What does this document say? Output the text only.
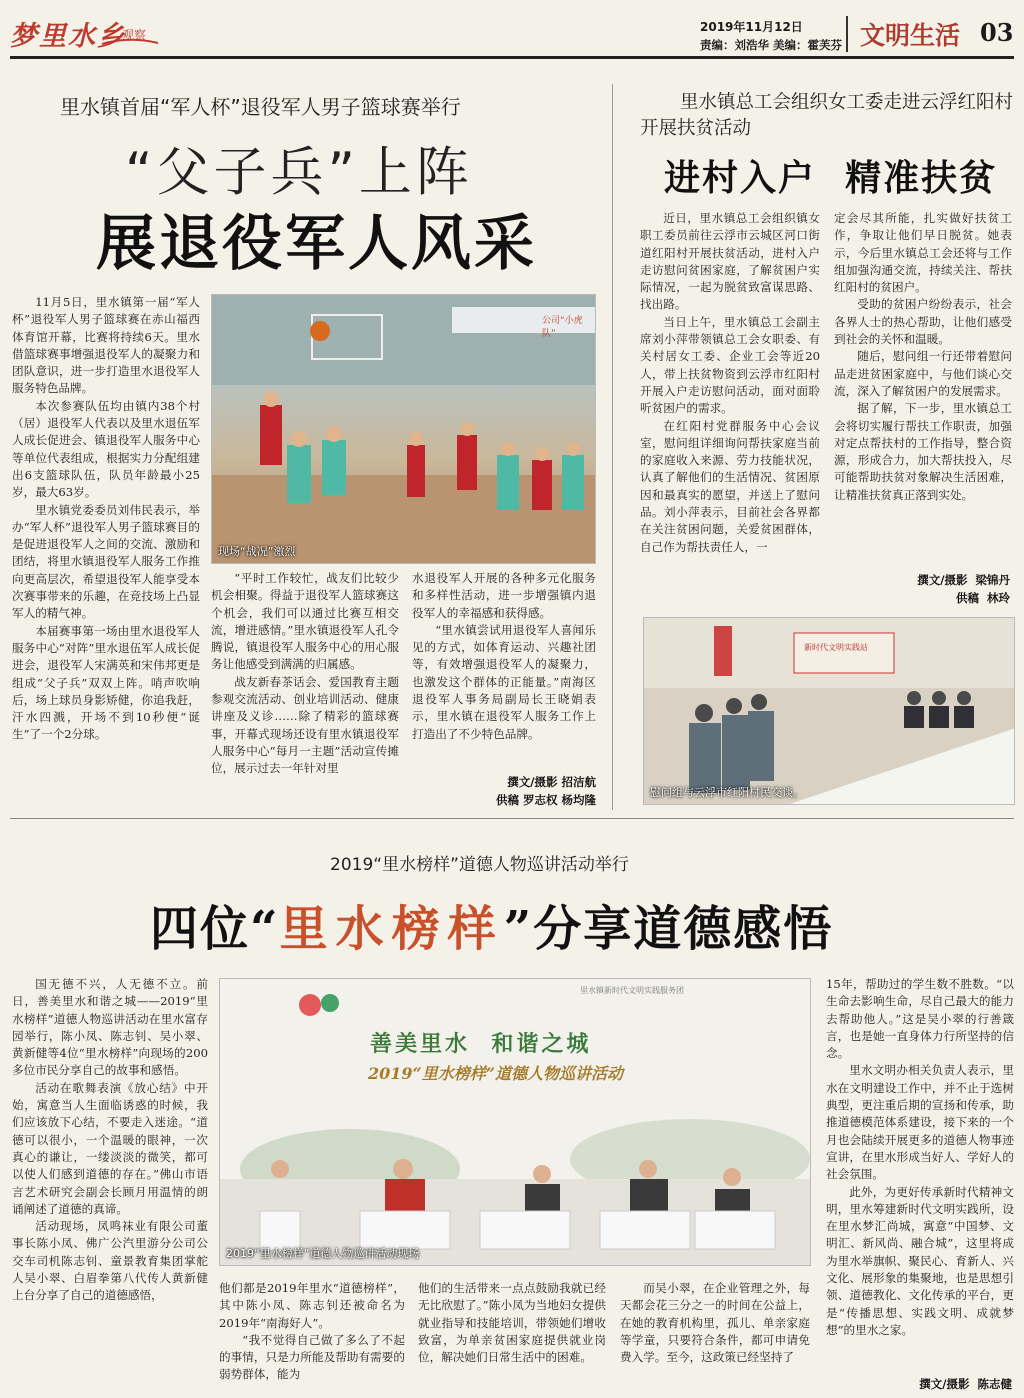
梦里水乡
观察
2019年11月12日
责编：刘浩华 美编：霍芙芬 文明生活 03
里水镇首届“军人杯”退役军人男子篮球赛举行
“父子兵”上阵
展退役军人风采

11月5日，里水镇第一届“军人杯”退役军人男子篮球赛在赤山福西体育馆开幕，比赛将持续6天。里水借篮球赛事增强退役军人的凝聚力和团队意识，进一步打造里水退役军人服务特色品牌。

本次参赛队伍均由镇内38个村（居）退役军人代表以及里水退伍军人成长促进会、镇退役军人服务中心等单位代表组成，根据实力分配组建出6支篮球队伍，队员年龄最小25岁，最大63岁。

里水镇党委委员刘伟民表示，举办“军人杯”退役军人男子篮球赛目的是促进退役军人之间的交流、激励和团结，将里水镇退役军人服务工作推向更高层次，希望退役军人能享受本次赛事带来的乐趣，在竞技场上凸显军人的精气神。

本届赛事第一场由里水退役军人服务中心“对阵”里水退伍军人成长促进会，退役军人宋满英和宋伟邦更是组成“父子兵”双双上阵。哨声吹响后，场上球员身影矫健，你追我赶，汗水四溅，开场不到10秒便“诞生”了一个2分球。

公司“小虎队”
现场“战况”激烈

“平时工作较忙，战友们比较少机会相聚。得益于退役军人篮球赛这个机会，我们可以通过比赛互相交流，增进感情。”里水镇退役军人孔令腾说，镇退役军人服务中心的用心服务让他感受到满满的归属感。

战友新春茶话会、爱国教育主题参观交流活动、创业培训活动、健康讲座及义诊……除了精彩的篮球赛事，开幕式现场还设有里水镇退役军人服务中心“每月一主题”活动宣传摊位，展示过去一年针对里

水退役军人开展的各种多元化服务和多样性活动，进一步增强镇内退役军人的幸福感和获得感。

“里水镇尝试用退役军人喜闻乐见的方式，如体育运动、兴趣社团等，有效增强退役军人的凝聚力，也激发这个群体的正能量。”南海区退役军人事务局副局长王晓娟表示，里水镇在退役军人服务工作上打造出了不少特色品牌。

撰文/摄影 招洁航
供稿 罗志权 杨均隆
里水镇总工会组织女工委走进云浮红阳村开展扶贫活动
进村入户  精准扶贫

近日，里水镇总工会组织镇女职工委员前往云浮市云城区河口街道红阳村开展扶贫活动，进村入户走访慰问贫困家庭，了解贫困户实际情况，一起为脱贫致富谋思路、找出路。

当日上午，里水镇总工会副主席刘小萍带领镇总工会女职委、有关村居女工委、企业工会等近20人，带上扶贫物资到云浮市红阳村开展入户走访慰问活动，面对面聆听贫困户的需求。

在红阳村党群服务中心会议室，慰问组详细询问帮扶家庭当前的家庭收入来源、劳力技能状况，认真了解他们的生活情况、贫困原因和最真实的愿望，并送上了慰问品。刘小萍表示，目前社会各界都在关注贫困问题，关爱贫困群体，自己作为帮扶责任人，一

定会尽其所能，扎实做好扶贫工作，争取让他们早日脱贫。她表示，今后里水镇总工会还将与工作组加强沟通交流，持续关注、帮扶红阳村的贫困户。

受助的贫困户纷纷表示，社会各界人士的热心帮助，让他们感受到社会的关怀和温暖。

随后，慰问组一行还带着慰问品走进贫困家庭中，与他们谈心交流，深入了解贫困户的发展需求。

据了解，下一步，里水镇总工会将切实履行帮扶工作职责，加强对定点帮扶村的工作指导，整合资源，形成合力，加大帮扶投入，尽可能帮助扶贫对象解决生活困难，让精准扶贫真正落到实处。

撰文/摄影  梁锦丹
供稿  林玲
新时代文明实践站
慰问组与云浮市红阳村民交谈。
2019“里水榜样”道德人物巡讲活动举行
四位“里水榜样”分享道德感悟

国无德不兴，人无德不立。前日，善美里水和谐之城——2019“里水榜样”道德人物巡讲活动在里水富存园举行，陈小凤、陈志钊、吴小翠、黄新健等4位“里水榜样”向现场的200多位市民分享自己的故事和感悟。

活动在歌舞表演《放心结》中开始，寓意当人生面临诱惑的时候，我们应该放下心结，不要走入迷途。“道德可以很小，一个温暖的眼神，一次真心的谦让，一缕淡淡的微笑，都可以使人们感到道德的存在。”佛山市语言艺术研究会副会长顾月用温情的朗诵阐述了道德的真谛。

活动现场，凤鸣袜业有限公司董事长陈小凤、佛广公汽里游分公司公交车司机陈志钊、童景教育集团掌舵人吴小翠、白眉拳第八代传人黄新健上台分享了自己的道德感悟，

里水镇新时代文明实践服务团
善美里水  和谐之城
2019“里水榜样”道德人物巡讲活动
2019“里水榜样”道德人物巡讲活动现场

他们都是2019年里水“道德榜样”，其中陈小凤、陈志钊还被命名为2019年“南海好人”。

“我不觉得自己做了多么了不起的事情，只是力所能及帮助有需要的弱势群体，能为

他们的生活带来一点点鼓励我就已经无比欣慰了。”陈小凤为当地妇女提供就业指导和技能培训，带领她们增收致富，为单亲贫困家庭提供就业岗位，解决她们日常生活中的困难。

而吴小翠，在企业管理之外，每天都会花三分之一的时间在公益上，在她的教育机构里，孤儿、单亲家庭等学童，只要符合条件，都可申请免费入学。至今，这政策已经坚持了

15年，帮助过的学生数不胜数。“以生命去影响生命，尽自己最大的能力去帮助他人。”这是吴小翠的行善箴言，也是她一直身体力行所坚持的信念。

里水文明办相关负责人表示，里水在文明建设工作中，并不止于选树典型，更注重后期的宣扬和传承，助推道德模范体系建设，接下来的一个月也会陆续开展更多的道德人物事迹宣讲，在里水形成当好人、学好人的社会氛围。

此外，为更好传承新时代精神文明，里水筹建新时代文明实践所，设在里水梦汇尚城，寓意“中国梦、文明汇、新风尚、融合城”，这里将成为里水举旗帜、聚民心、育新人、兴文化、展形象的集聚地，也是思想引领、道德教化、文化传承的平台，更是“传播思想、实践文明、成就梦想”的里水之家。

撰文/摄影  陈志健
